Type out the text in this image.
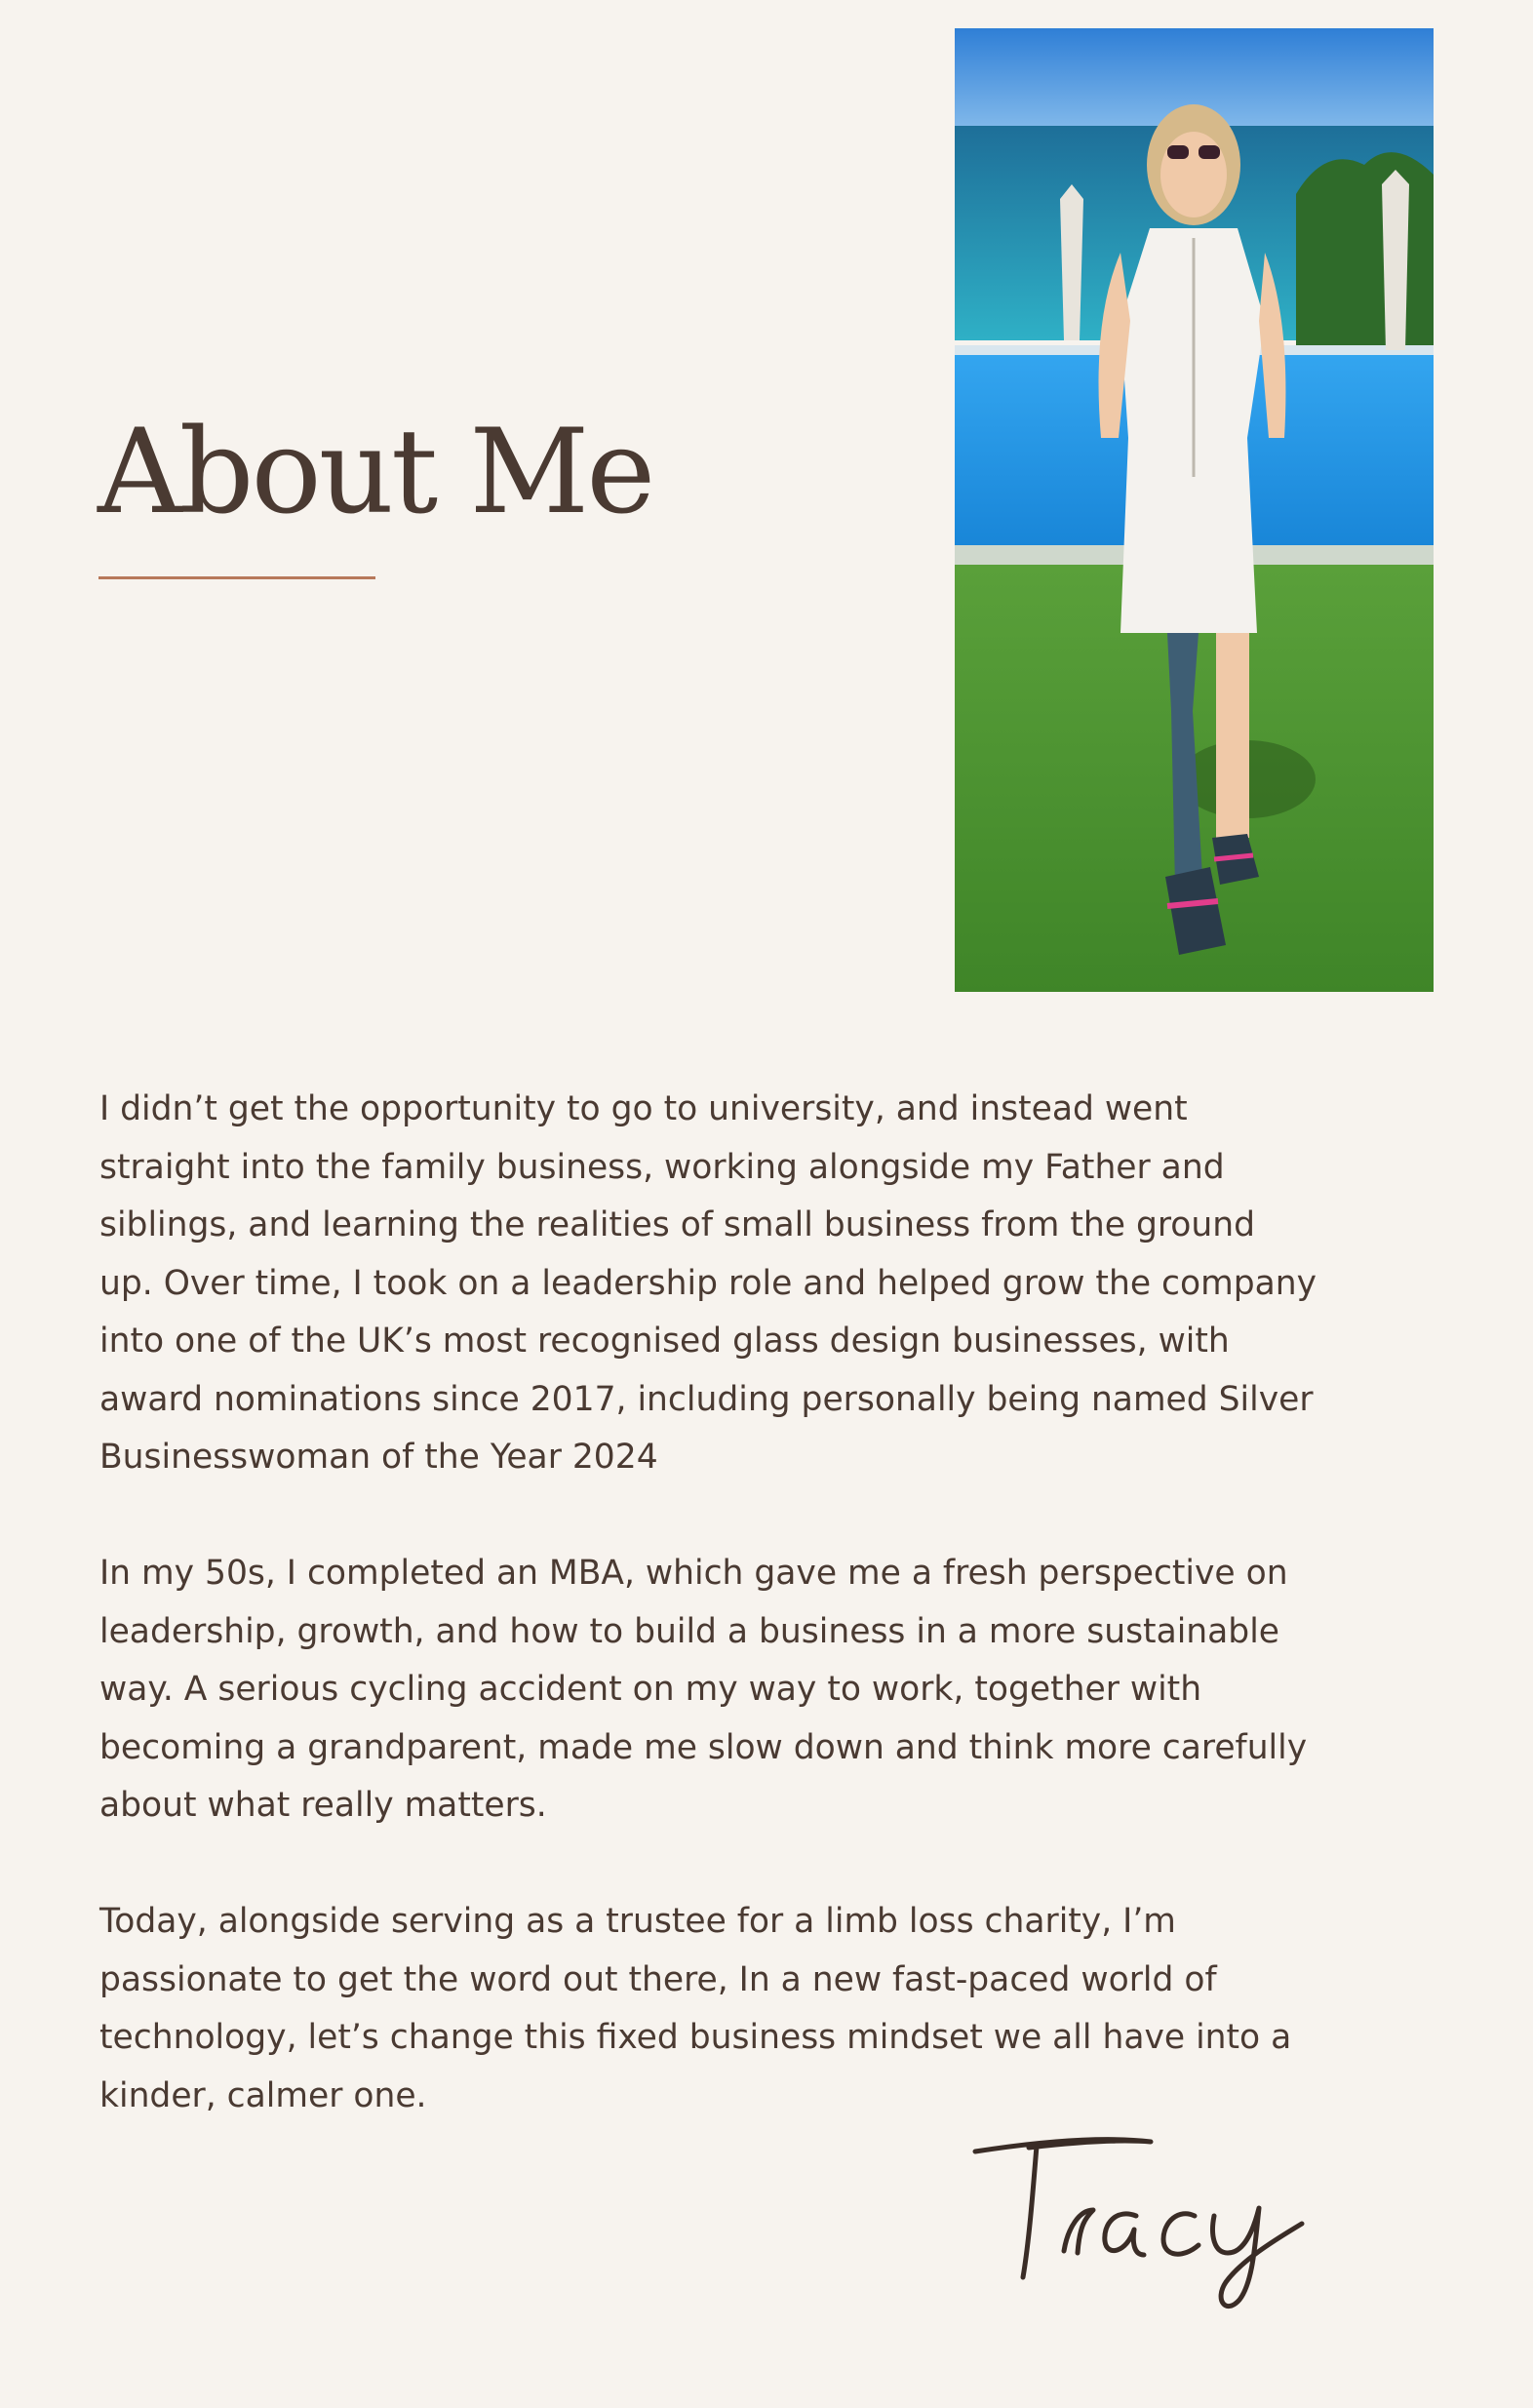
About Me

I didn’t get the opportunity to go to university, and instead went
straight into the family business, working alongside my Father and
siblings, and learning the realities of small business from the ground
up. Over time, I took on a leadership role and helped grow the company
into one of the UK’s most recognised glass design businesses, with
award nominations since 2017, including personally being named Silver
Businesswoman of the Year 2024

In my 50s, I completed an MBA, which gave me a fresh perspective on
leadership, growth, and how to build a business in a more sustainable
way. A serious cycling accident on my way to work, together with
becoming a grandparent, made me slow down and think more carefully
about what really matters.

Today, alongside serving as a trustee for a limb loss charity, I’m
passionate to get the word out there, In a new fast-paced world of
technology, let’s change this fixed business mindset we all have into a
kinder, calmer one.
